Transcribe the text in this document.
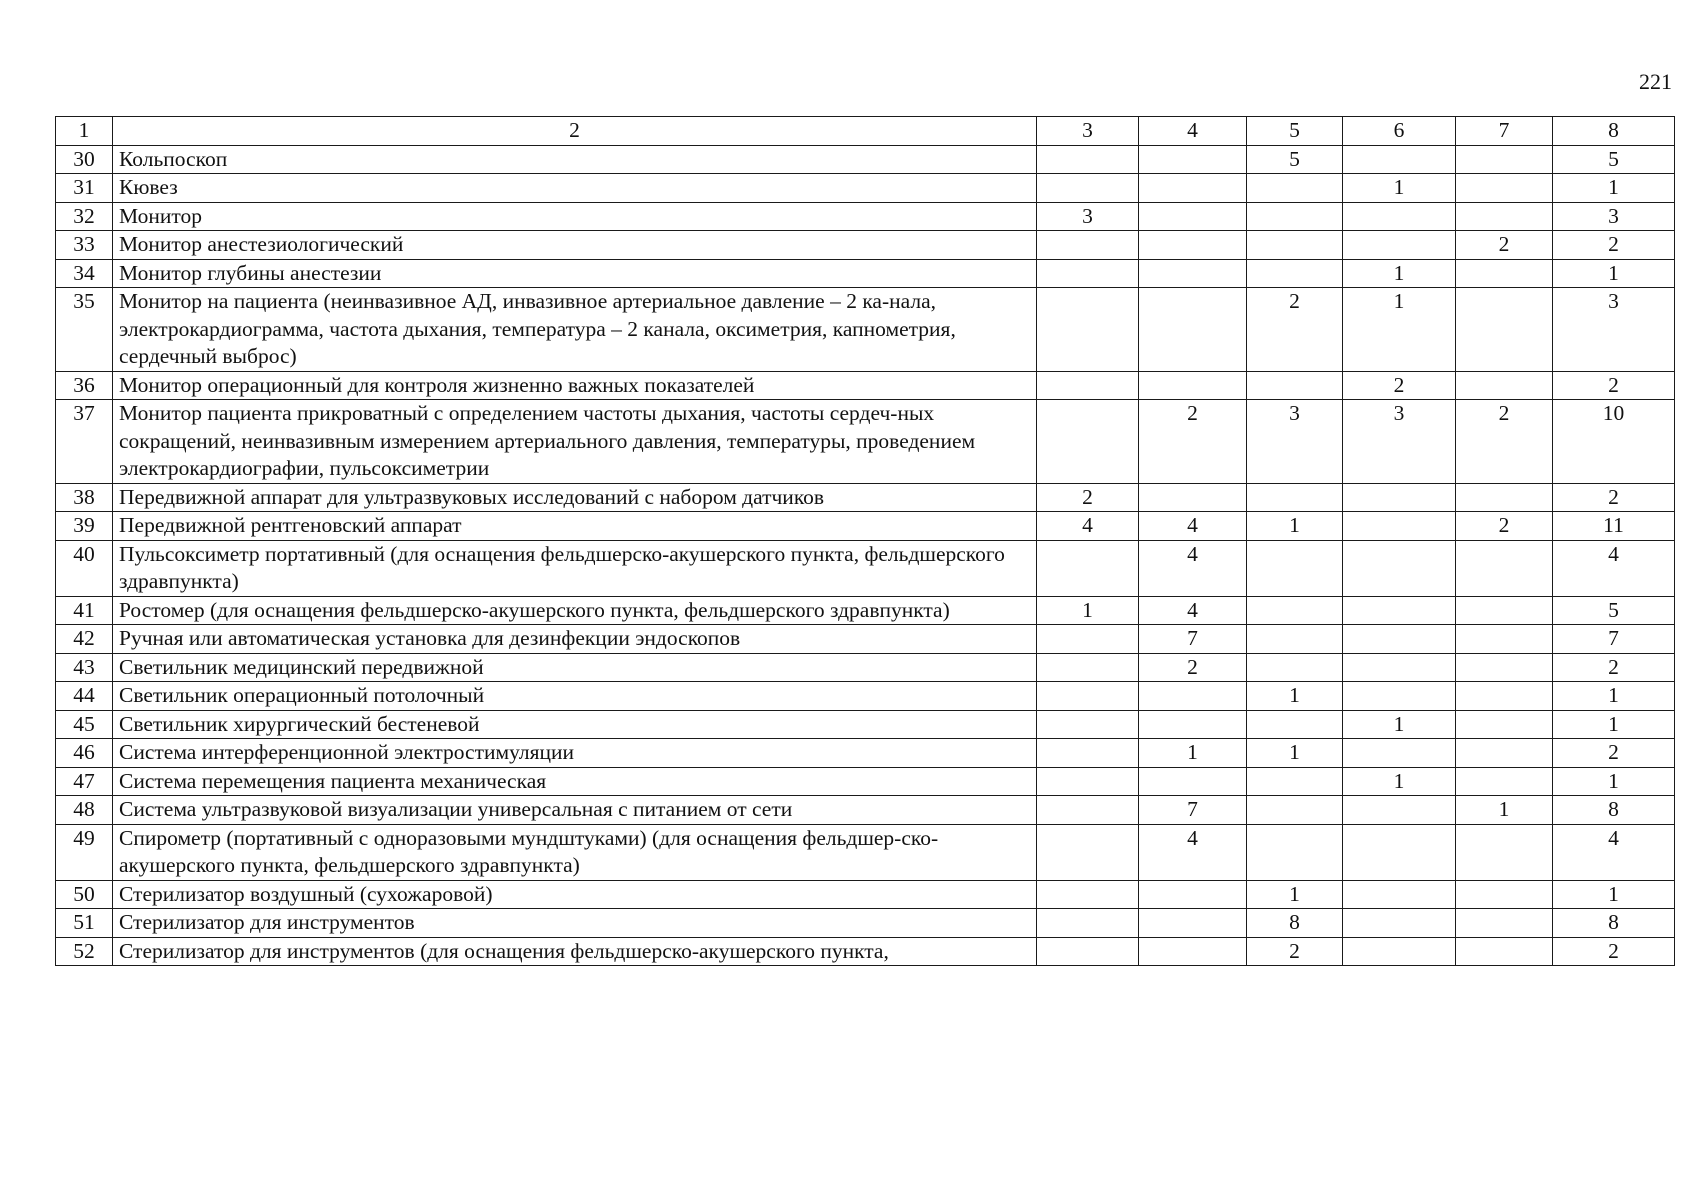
221
1	2	3	4	5	6	7	8
30	Кольпоскоп			5			5
31	Кювез				1		1
32	Монитор	3					3
33	Монитор анестезиологический					2	2
34	Монитор глубины анестезии				1		1
35	Монитор на пациента (неинвазивное АД, инвазивное артериальное давление – 2 ка-нала, электрокардиограмма, частота дыхания, температура – 2 канала, оксиметрия, капнометрия, сердечный выброс)			2	1		3
36	Монитор операционный для контроля жизненно важных показателей				2		2
37	Монитор пациента прикроватный с определением частоты дыхания, частоты сердеч-ных сокращений, неинвазивным измерением артериального давления, температуры, проведением электрокардиографии, пульсоксиметрии		2	3	3	2	10
38	Передвижной аппарат для ультразвуковых исследований с набором датчиков	2					2
39	Передвижной рентгеновский аппарат	4	4	1		2	11
40	Пульсоксиметр портативный (для оснащения фельдшерско-акушерского пункта, фельдшерского здравпункта)		4				4
41	Ростомер (для оснащения фельдшерско-акушерского пункта, фельдшерского здравпункта)	1	4				5
42	Ручная или автоматическая установка для дезинфекции эндоскопов		7				7
43	Светильник медицинский передвижной		2				2
44	Светильник операционный потолочный			1			1
45	Светильник хирургический бестеневой				1		1
46	Система интерференционной электростимуляции		1	1			2
47	Система перемещения пациента механическая				1		1
48	Система ультразвуковой визуализации универсальная с питанием от сети		7			1	8
49	Спирометр (портативный с одноразовыми мундштуками) (для оснащения фельдшер-ско-акушерского пункта, фельдшерского здравпункта)		4				4
50	Стерилизатор воздушный (сухожаровой)			1			1
51	Стерилизатор для инструментов			8			8
52	Стерилизатор для инструментов (для оснащения фельдшерско-акушерского пункта,			2			2
